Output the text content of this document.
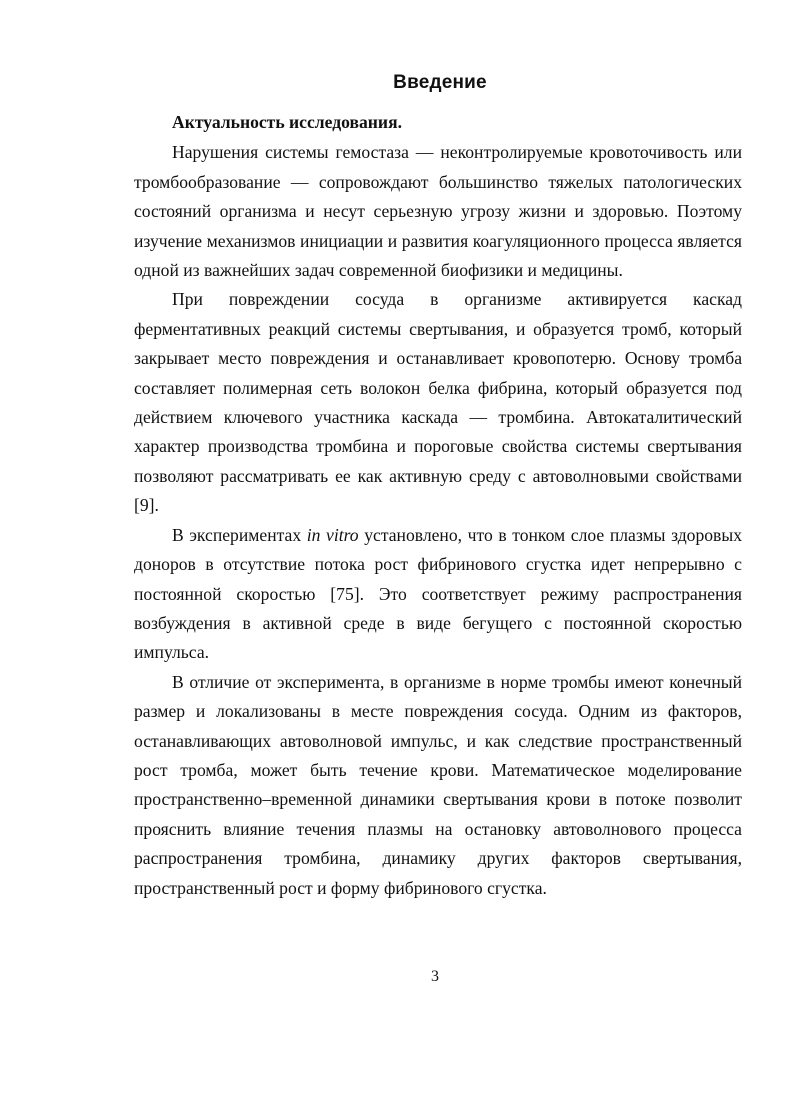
Введение

Актуальность исследования.

Нарушения системы гемостаза — неконтролируемые кровоточивость или тромбообразование — сопровождают большинство тяжелых патологических состояний организма и несут серьезную угрозу жизни и здоровью. Поэтому изучение механизмов инициации и развития коагуляционного процесса является одной из важнейших задач современной биофизики и медицины.

При повреждении сосуда в организме активируется каскад ферментативных реакций системы свертывания, и образуется тромб, который закрывает место повреждения и останавливает кровопотерю. Основу тромба составляет полимерная сеть волокон белка фибрина, который образуется под действием ключевого участника каскада — тромбина. Автокаталитический характер производства тромбина и пороговые свойства системы свертывания позволяют рассматривать ее как активную среду с автоволновыми свойствами [9].

В экспериментах in vitro установлено, что в тонком слое плазмы здоровых доноров в отсутствие потока рост фибринового сгустка идет непрерывно с постоянной скоростью [75]. Это соответствует режиму распространения возбуждения в активной среде в виде бегущего с постоянной скоростью импульса.

В отличие от эксперимента, в организме в норме тромбы имеют конечный размер и локализованы в месте повреждения сосуда. Одним из факторов, останавливающих автоволновой импульс, и как следствие пространственный рост тромба, может быть течение крови. Математическое моделирование пространственно–временной динамики свертывания крови в потоке позволит прояснить влияние течения плазмы на остановку автоволнового процесса распространения тромбина, динамику других факторов свертывания, пространственный рост и форму фибринового сгустка.

3
